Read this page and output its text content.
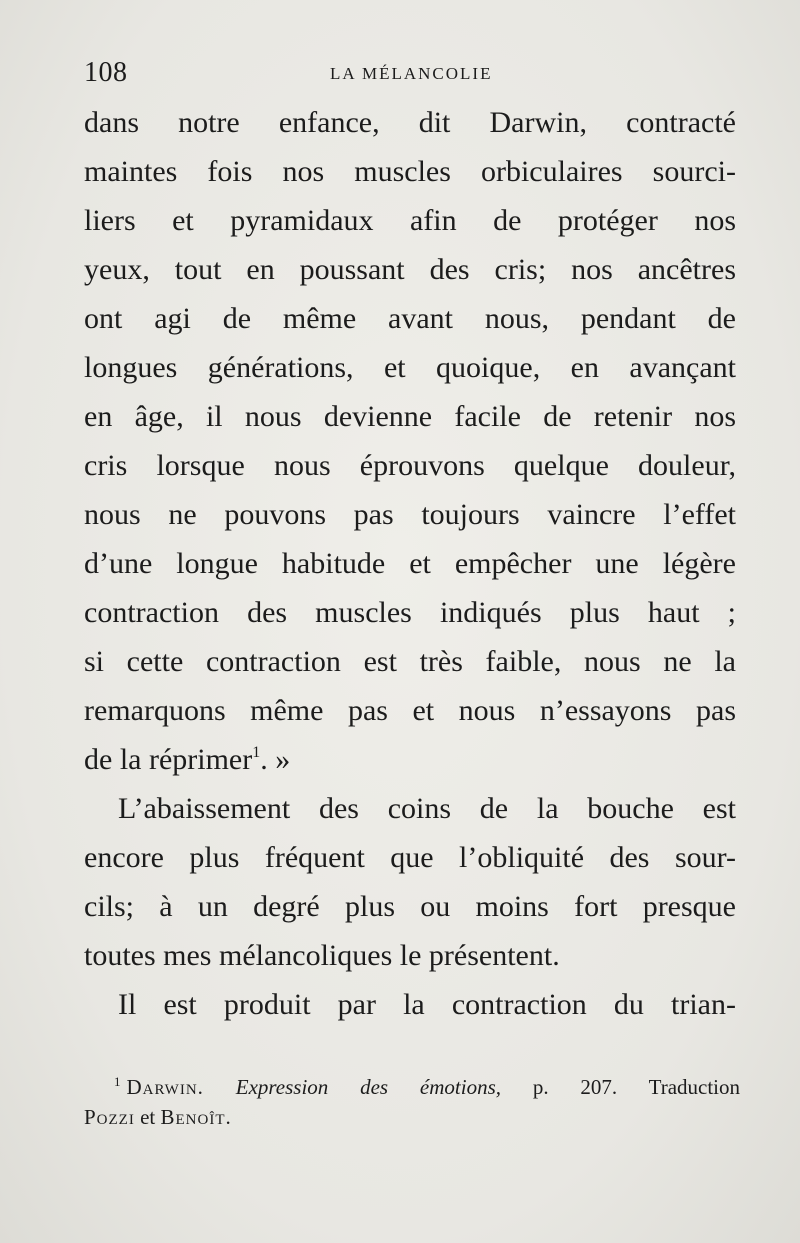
108	LA MÉLANCOLIE
dans notre enfance, dit Darwin, contracté
maintes fois nos muscles orbiculaires sourci-
liers et pyramidaux afin de protéger nos
yeux, tout en poussant des cris; nos ancêtres
ont agi de même avant nous, pendant de
longues générations, et quoique, en avançant
en âge, il nous devienne facile de retenir nos
cris lorsque nous éprouvons quelque douleur,
nous ne pouvons pas toujours vaincre l’effet
d’une longue habitude et empêcher une légère
contraction des muscles indiqués plus haut ;
si cette contraction est très faible, nous ne la
remarquons même pas et nous n’essayons pas
de la réprimer$^1$. »
L’abaissement des coins de la bouche est
encore plus fréquent que l’obliquité des sour-
cils; à un degré plus ou moins fort presque
toutes mes mélancoliques le présentent.
Il est produit par la contraction du trian-
$^1$ Darwin. Expression des émotions, p. 207. Traduction
Pozzi et Benoît.
